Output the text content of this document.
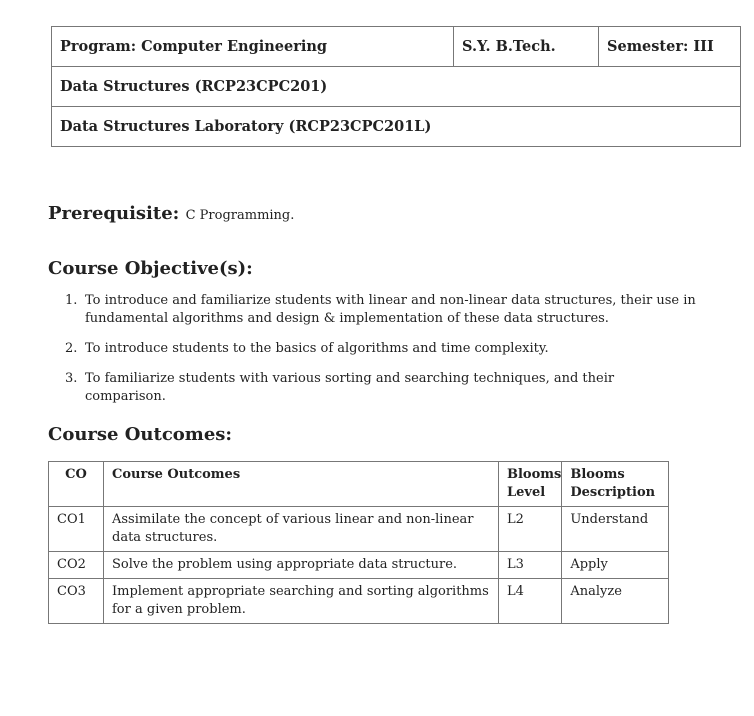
Program: Computer Engineering	S.Y. B.Tech.	Semester: III
Data Structures (RCP23CPC201)
Data Structures Laboratory (RCP23CPC201L)

Prerequisite: C Programming.

Course Objective(s):
1. To introduce and familiarize students with linear and non-linear data structures, their use in fundamental algorithms and design & implementation of these data structures.
2. To introduce students to the basics of algorithms and time complexity.
3. To familiarize students with various sorting and searching techniques, and their comparison.
Course Outcomes:
CO	Course Outcomes	Blooms Level	Blooms Description
CO1	Assimilate the concept of various linear and non-linear data structures.	L2	Understand
CO2	Solve the problem using appropriate data structure.	L3	Apply
CO3	Implement appropriate searching and sorting algorithms for a given problem.	L4	Analyze
